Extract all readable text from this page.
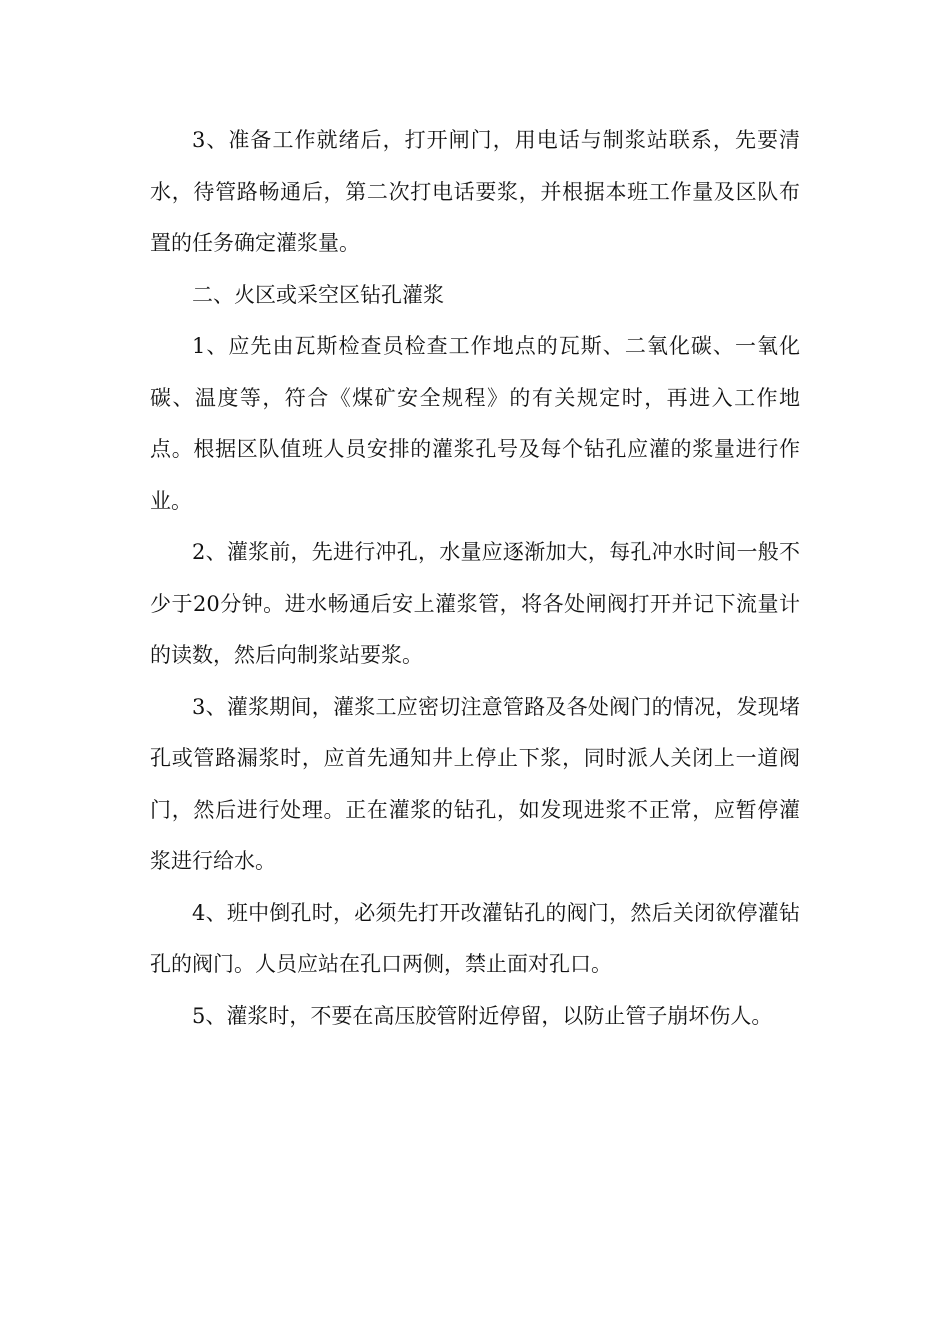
3、准备工作就绪后，打开闸门，用电话与制浆站联系，先要清水，待管路畅通后，第二次打电话要浆，并根据本班工作量及区队布置的任务确定灌浆量。

二、火区或采空区钻孔灌浆

1、应先由瓦斯检查员检查工作地点的瓦斯、二氧化碳、一氧化碳、温度等，符合《煤矿安全规程》的有关规定时，再进入工作地点。根据区队值班人员安排的灌浆孔号及每个钻孔应灌的浆量进行作业。

2、灌浆前，先进行冲孔，水量应逐渐加大，每孔冲水时间一般不少于20分钟。进水畅通后安上灌浆管，将各处闸阀打开并记下流量计的读数，然后向制浆站要浆。

3、灌浆期间，灌浆工应密切注意管路及各处阀门的情况，发现堵孔或管路漏浆时，应首先通知井上停止下浆，同时派人关闭上一道阀门，然后进行处理。正在灌浆的钻孔，如发现进浆不正常，应暂停灌浆进行给水。

4、班中倒孔时，必须先打开改灌钻孔的阀门，然后关闭欲停灌钻孔的阀门。人员应站在孔口两侧，禁止面对孔口。

5、灌浆时，不要在高压胶管附近停留，以防止管子崩坏伤人。
